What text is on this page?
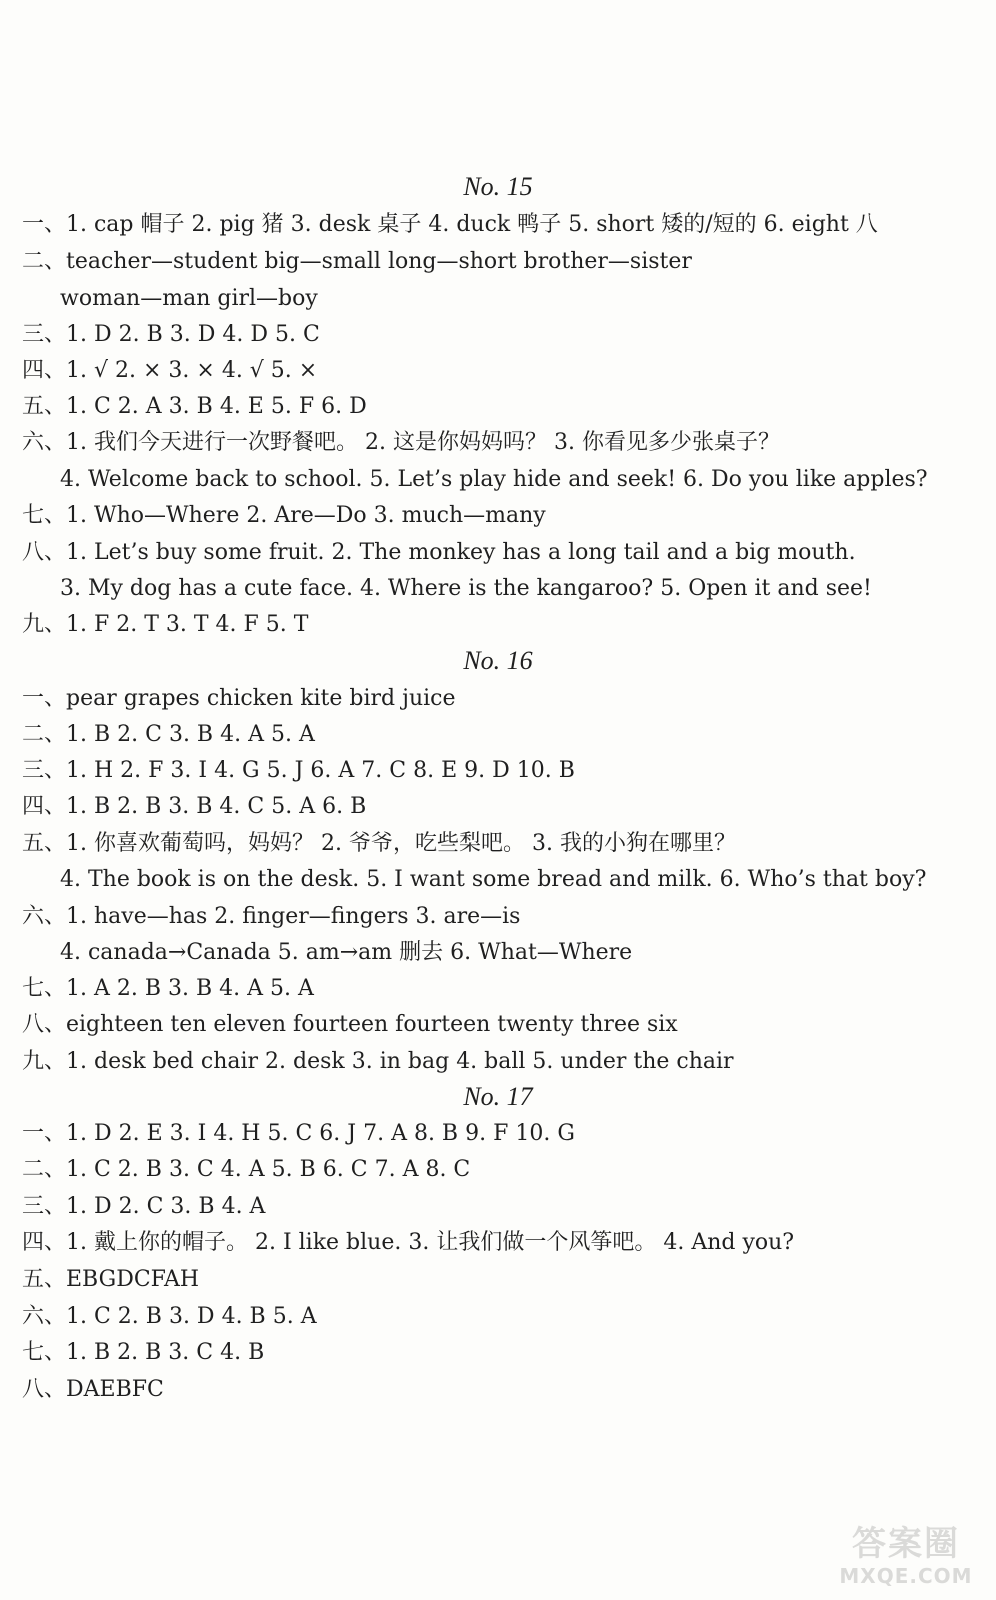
No. 15
一、1. cap 帽子 2. pig 猪 3. desk 桌子 4. duck 鸭子 5. short 矮的/短的 6. eight 八
二、teacher—student big—small long—short brother—sister
woman—man girl—boy
三、1. D 2. B 3. D 4. D 5. C
四、1. √ 2. × 3. × 4. √ 5. ×
五、1. C 2. A 3. B 4. E 5. F 6. D
六、1. 我们今天进行一次野餐吧。 2. 这是你妈妈吗？ 3. 你看见多少张桌子？
4. Welcome back to school. 5. Let’s play hide and seek! 6. Do you like apples?
七、1. Who—Where 2. Are—Do 3. much—many
八、1. Let’s buy some fruit. 2. The monkey has a long tail and a big mouth.
3. My dog has a cute face. 4. Where is the kangaroo? 5. Open it and see!
九、1. F 2. T 3. T 4. F 5. T
No. 16
一、pear grapes chicken kite bird juice
二、1. B 2. C 3. B 4. A 5. A
三、1. H 2. F 3. I 4. G 5. J 6. A 7. C 8. E 9. D 10. B
四、1. B 2. B 3. B 4. C 5. A 6. B
五、1. 你喜欢葡萄吗，妈妈？ 2. 爷爷，吃些梨吧。 3. 我的小狗在哪里？
4. The book is on the desk. 5. I want some bread and milk. 6. Who’s that boy?
六、1. have—has 2. finger—fingers 3. are—is
4. canada→Canada 5. am→am 删去 6. What—Where
七、1. A 2. B 3. B 4. A 5. A
八、eighteen ten eleven fourteen fourteen twenty three six
九、1. desk bed chair 2. desk 3. in bag 4. ball 5. under the chair
No. 17
一、1. D 2. E 3. I 4. H 5. C 6. J 7. A 8. B 9. F 10. G
二、1. C 2. B 3. C 4. A 5. B 6. C 7. A 8. C
三、1. D 2. C 3. B 4. A
四、1. 戴上你的帽子。 2. I like blue. 3. 让我们做一个风筝吧。 4. And you?
五、EBGDCFAH
六、1. C 2. B 3. D 4. B 5. A
七、1. B 2. B 3. C 4. B
八、DAEBFC
答案圈
MXQE.COM
